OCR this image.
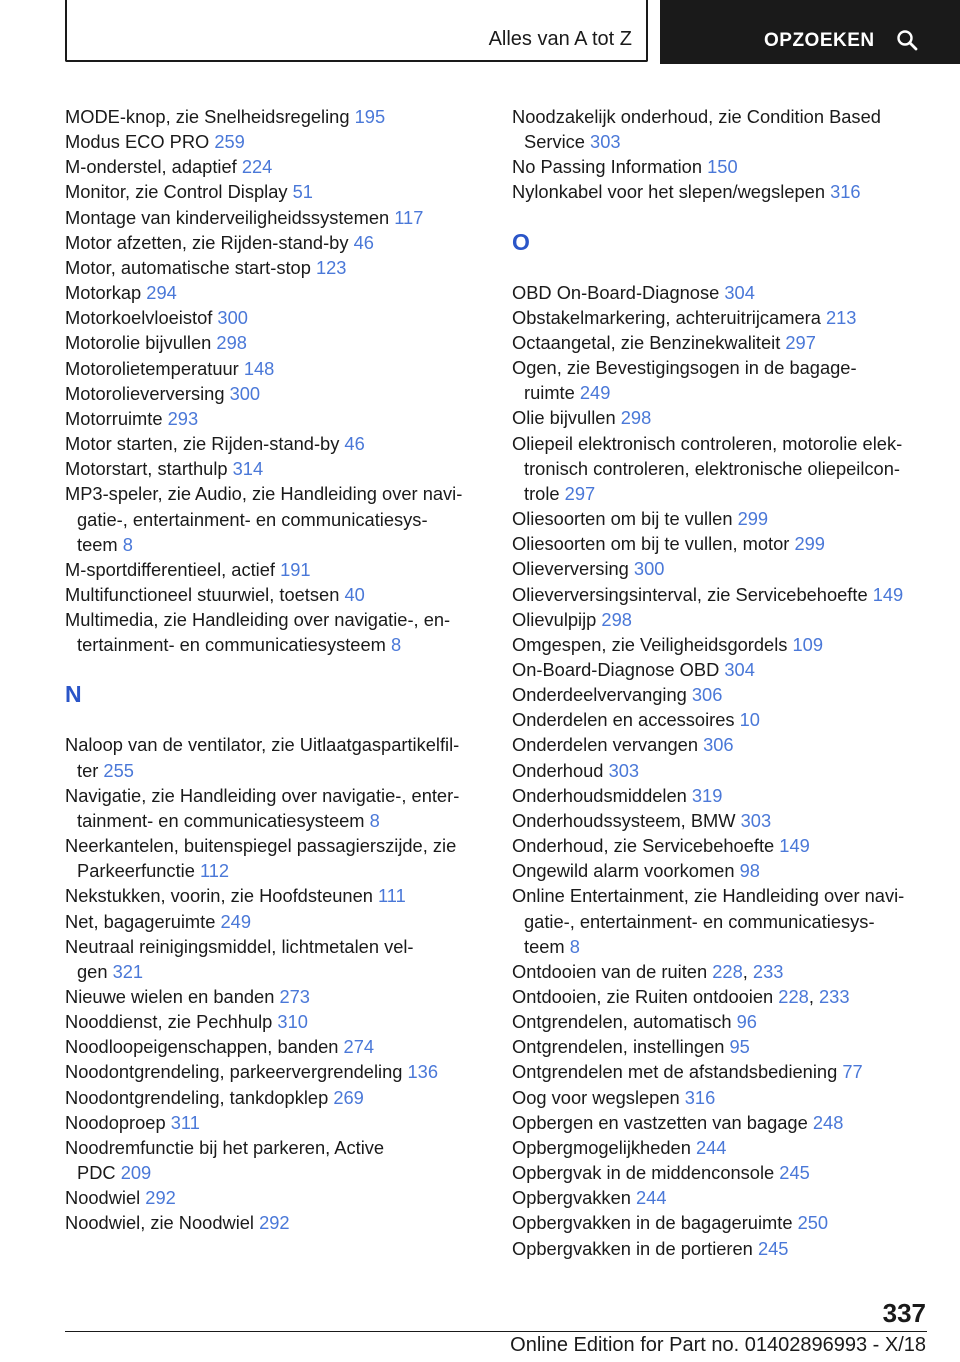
Alles van A tot Z	OPZOEKEN
MODE-knop, zie Snelheidsregeling 195
Modus ECO PRO 259
M-onderstel, adaptief 224
Monitor, zie Control Display 51
Montage van kinderveiligheidssystemen 117
Motor afzetten, zie Rijden-stand-by 46
Motor, automatische start-stop 123
Motorkap 294
Motorkoelvloeistof 300
Motorolie bijvullen 298
Motorolietemperatuur 148
Motorolieverversing 300
Motorruimte 293
Motor starten, zie Rijden-stand-by 46
Motorstart, starthulp 314
MP3-speler, zie Audio, zie Handleiding over navi-
gatie-, entertainment- en communicatiesys-
teem 8
M-sportdifferentieel, actief 191
Multifunctioneel stuurwiel, toetsen 40
Multimedia, zie Handleiding over navigatie-, en-
tertainment- en communicatiesysteem 8
N
Naloop van de ventilator, zie Uitlaatgaspartikelfil-
ter 255
Navigatie, zie Handleiding over navigatie-, enter-
tainment- en communicatiesysteem 8
Neerkantelen, buitenspiegel passagierszijde, zie
Parkeerfunctie 112
Nekstukken, voorin, zie Hoofdsteunen 111
Net, bagageruimte 249
Neutraal reinigingsmiddel, lichtmetalen vel-
gen 321
Nieuwe wielen en banden 273
Nooddienst, zie Pechhulp 310
Noodloopeigenschappen, banden 274
Noodontgrendeling, parkeervergrendeling 136
Noodontgrendeling, tankdopklep 269
Noodoproep 311
Noodremfunctie bij het parkeren, Active
PDC 209
Noodwiel 292
Noodwiel, zie Noodwiel 292
Noodzakelijk onderhoud, zie Condition Based
Service 303
No Passing Information 150
Nylonkabel voor het slepen/wegslepen 316
O
OBD On-Board-Diagnose 304
Obstakelmarkering, achteruitrijcamera 213
Octaangetal, zie Benzinekwaliteit 297
Ogen, zie Bevestigingsogen in de bagage-
ruimte 249
Olie bijvullen 298
Oliepeil elektronisch controleren, motorolie elek-
tronisch controleren, elektronische oliepeilcon-
trole 297
Oliesoorten om bij te vullen 299
Oliesoorten om bij te vullen, motor 299
Olieverversing 300
Olieverversingsinterval, zie Servicebehoefte 149
Olievulpijp 298
Omgespen, zie Veiligheidsgordels 109
On-Board-Diagnose OBD 304
Onderdeelvervanging 306
Onderdelen en accessoires 10
Onderdelen vervangen 306
Onderhoud 303
Onderhoudsmiddelen 319
Onderhoudssysteem, BMW 303
Onderhoud, zie Servicebehoefte 149
Ongewild alarm voorkomen 98
Online Entertainment, zie Handleiding over navi-
gatie-, entertainment- en communicatiesys-
teem 8
Ontdooien van de ruiten 228, 233
Ontdooien, zie Ruiten ontdooien 228, 233
Ontgrendelen, automatisch 96
Ontgrendelen, instellingen 95
Ontgrendelen met de afstandsbediening 77
Oog voor wegslepen 316
Opbergen en vastzetten van bagage 248
Opbergmogelijkheden 244
Opbergvak in de middenconsole 245
Opbergvakken 244
Opbergvakken in de bagageruimte 250
Opbergvakken in de portieren 245
337
Online Edition for Part no. 01402896993 - X/18
